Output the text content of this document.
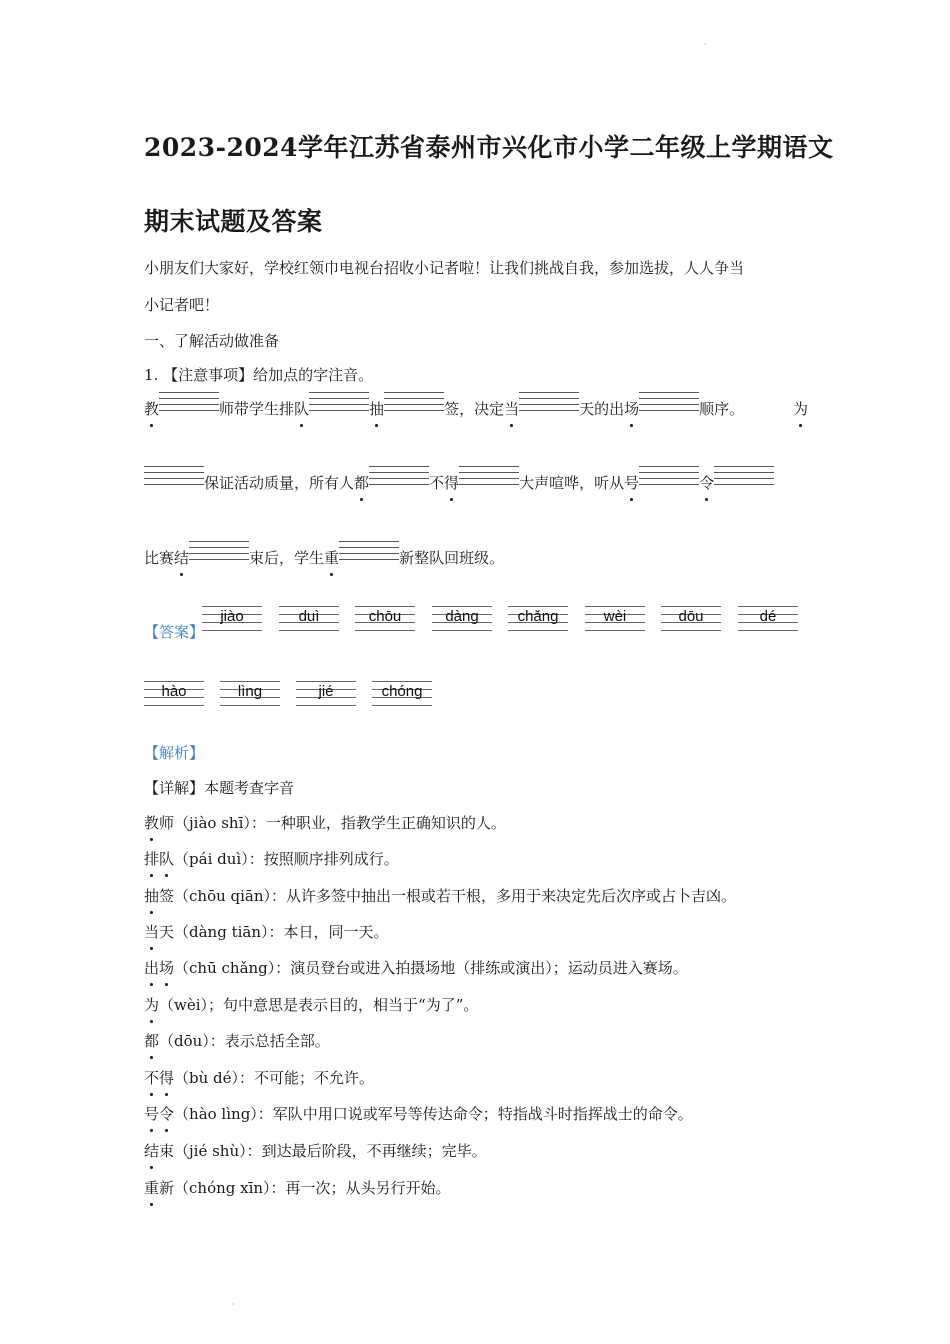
·
2023-2024学年江苏省泰州市兴化市小学二年级上学期语文
期末试题及答案
小朋友们大家好，学校红领巾电视台招收小记者啦！让我们挑战自我，参加选拔，人人争当
小记者吧！
一、了解活动做准备
1. 【注意事项】给加点的字注音。
教	师带学生排 队	抽	签，决定 当	天的出 场	顺序。	为
保证活动质量，所有人 都	不 得	大声喧哗，听从 号	令
比赛 结	束后，学生 重	新整队回班级。
【答案】
jiào	duì	chōu	dàng	chǎng	wèi	dōu	dé
hào	lìng	jié	chóng
【解析】
【详解】本题考查字音
教
师（jiào shī）：一种职业，指教学生正确知识的人。
排
队
（pái duì）：按照顺序排列成行。
抽
签（chōu qiān）：从许多签中抽出一根或若干根，多用于来决定先后次序或占卜吉凶。
当
天（dàng tiān）：本日，同一天。
出
场
（chū chǎng）：演员登台或进入拍摄场地（排练或演出）；运动员进入赛场。
为
（wèi）；句中意思是表示目的，相当于“为了”。
都
（dōu）：表示总括全部。
不
得
（bù dé）：不可能；不允许。
号
令
（hào lìng）：军队中用口说或军号等传达命令；特指战斗时指挥战士的命令。
结
束（jié shù）：到达最后阶段，不再继续；完毕。
重
新（chóng xīn）：再一次；从头另行开始。
·
